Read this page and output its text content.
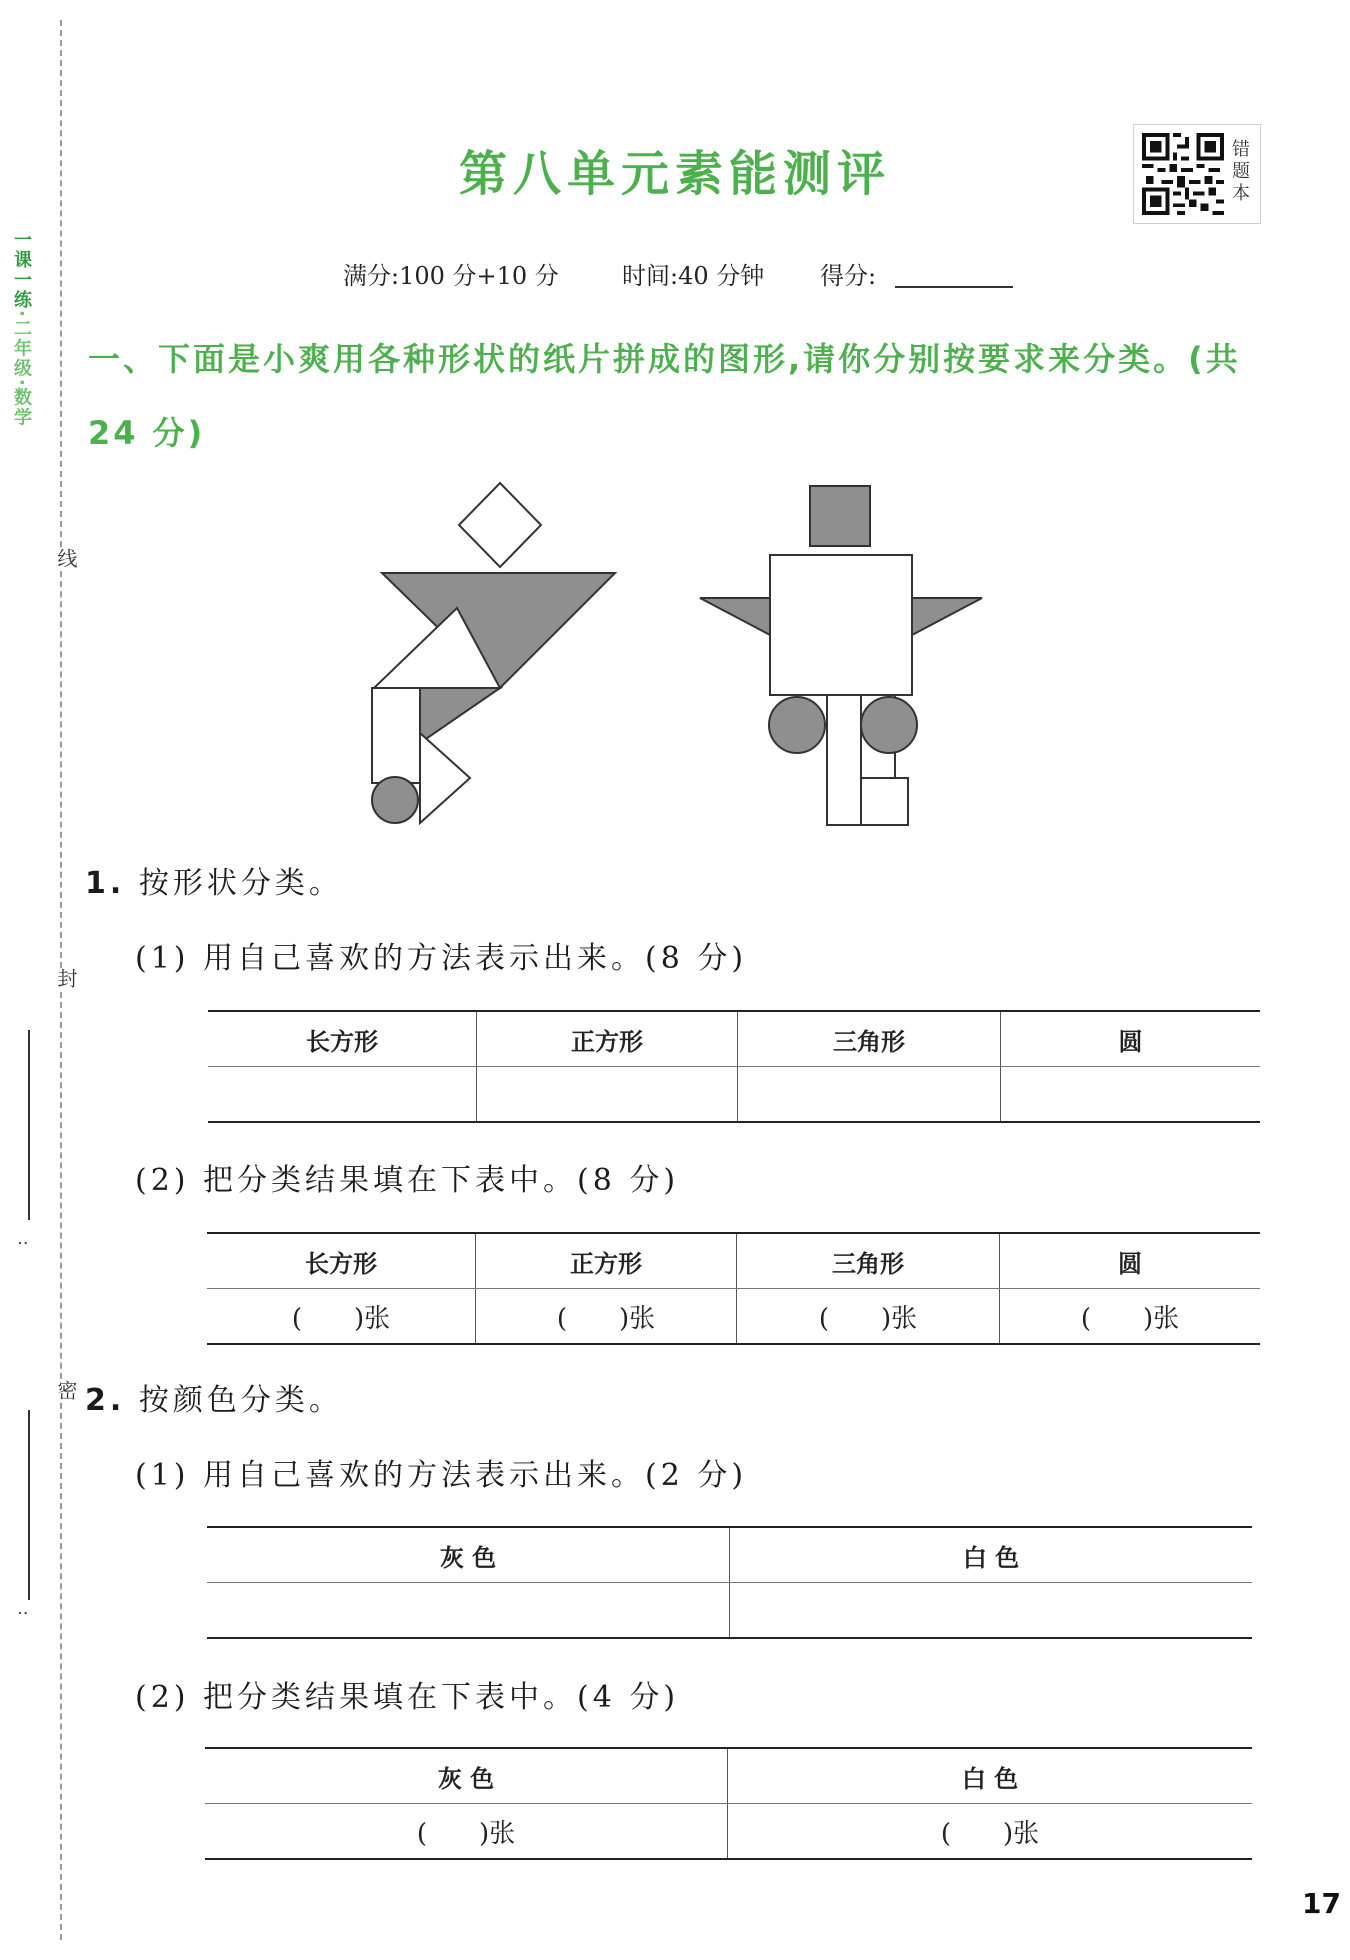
一课一练·二年级·数学
线
封
密
:
:
第八单元素能测评	错题本
满分:100 分+10 分	时间:40 分钟 得分:
一、下面是小爽用各种形状的纸片拼成的图形,请你分别按要求来分类。(共 24 分)
1. 按形状分类。
(1) 用自己喜欢的方法表示出来。(8 分)
长方形	正方形	三角形	圆

(2) 把分类结果填在下表中。(8 分)
长方形	正方形	三角形	圆
(　　)张	(　　)张	(　　)张	(　　)张
2. 按颜色分类。
(1) 用自己喜欢的方法表示出来。(2 分)
灰 色	白 色

(2) 把分类结果填在下表中。(4 分)
灰 色	白 色
(　　)张	(　　)张
17
